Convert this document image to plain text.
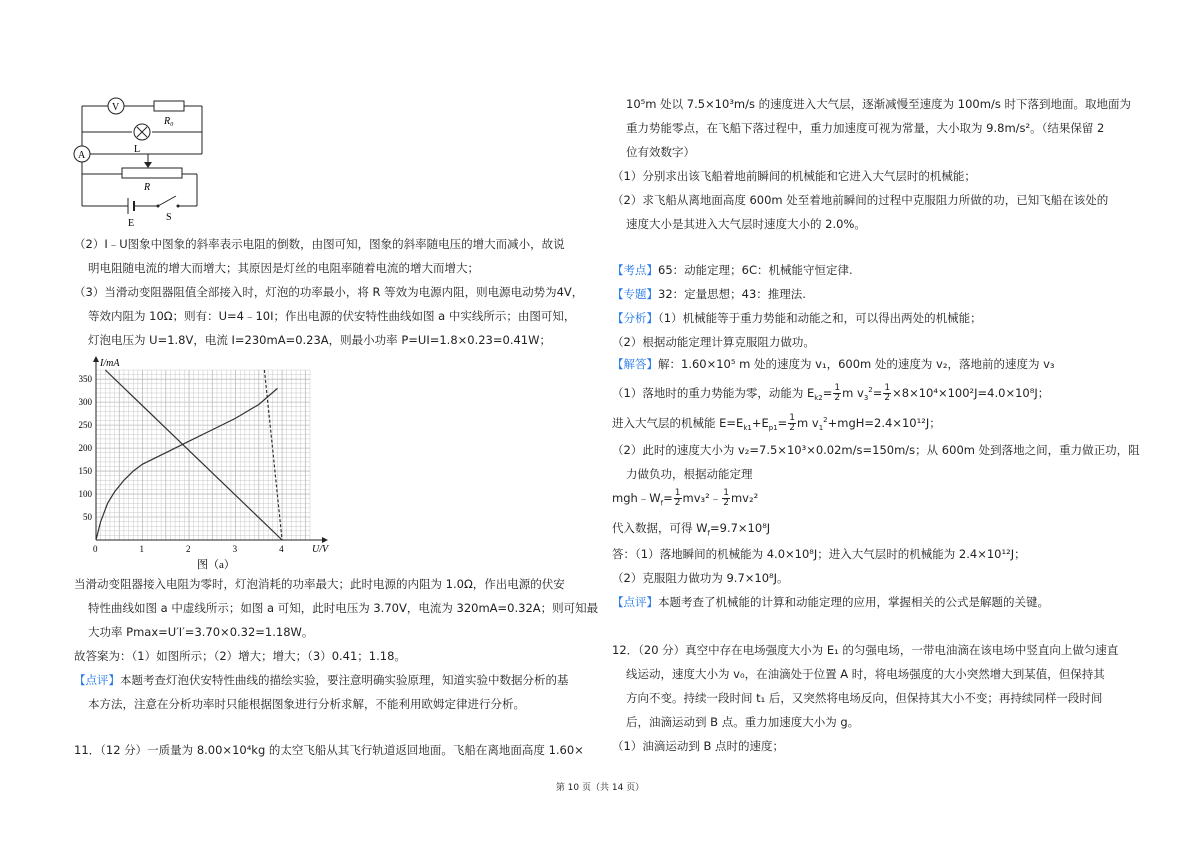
V
A
R₀
L
R
E
S
（2）I﹣U图象中图象的斜率表示电阻的倒数，由图可知，图象的斜率随电压的增大而减小，故说
明电阻随电流的增大而增大；其原因是灯丝的电阻率随着电流的增大而增大；
（3）当滑动变阻器阻值全部接入时，灯泡的功率最小，将 R 等效为电源内阻，则电源电动势为4V，
等效内阻为 10Ω；则有：U=4﹣10I；作出电源的伏安特性曲线如图 a 中实线所示；由图可知，
灯泡电压为 U=1.8V，电流 I=230mA=0.23A，则最小功率 P=UI=1.8×0.23=0.41W；
0	1	2	3	4
50
100
150
200
250
300
350
U/V
I/mA
图（a）
当滑动变阻器接入电阻为零时，灯泡消耗的功率最大；此时电源的内阻为 1.0Ω，作出电源的伏安
特性曲线如图 a 中虚线所示；如图 a 可知，此时电压为 3.70V，电流为 320mA=0.32A；则可知最
大功率 Pmax=U′I′=3.70×0.32=1.18W。
故答案为：（1）如图所示；（2）增大；增大；（3）0.41；1.18。
【点评】本题考查灯泡伏安特性曲线的描绘实验，要注意明确实验原理，知道实验中数据分析的基
本方法，注意在分析功率时只能根据图象进行分析求解，不能利用欧姆定律进行分析。
11．（12 分）一质量为 8.00×10⁴kg 的太空飞船从其飞行轨道返回地面。飞船在离地面高度 1.60×
10⁵m 处以 7.5×10³m/s 的速度进入大气层，逐渐减慢至速度为 100m/s 时下落到地面。取地面为
重力势能零点，在飞船下落过程中，重力加速度可视为常量，大小取为 9.8m/s²。（结果保留 2
位有效数字）
（1）分别求出该飞船着地前瞬间的机械能和它进入大气层时的机械能；
（2）求飞船从离地面高度 600m 处至着地前瞬间的过程中克服阻力所做的功，已知飞船在该处的
速度大小是其进入大气层时速度大小的 2.0%。
【考点】65：动能定理；6C：机械能守恒定律.
【专题】32：定量思想；43：推理法.
【分析】（1）机械能等于重力势能和动能之和，可以得出两处的机械能；
（2）根据动能定理计算克服阻力做功。
【解答】解：1.60×10⁵ m 处的速度为 v₁，600m 处的速度为 v₂，落地前的速度为 v₃
（1）落地时的重力势能为零，动能为 $E_{k2}= \frac{1}{2}$ m $v_3^2= \frac{1}{2} \times 8\times 10^4\times 100^2J=4.0\times 10^8J$；
进入大气层的机械能 $E=E_{k1}+E_{p1}= \frac{1}{2}$ m $v_1^2+mgH=2.4\times 10^{12}J$；
（2）此时的速度大小为 v₂=7.5×10³×0.02m/s=150m/s；从 600m 处到落地之间，重力做正功，阻
力做负功，根据动能定理
$mgh﹣W_f= \frac{1}{2}$ mv₃²﹣ $\frac{1}{2} mv_2^2$
代入数据，可得 $W_f=9.7\times 10^8J$
答：（1）落地瞬间的机械能为 4.0×10⁸J；进入大气层时的机械能为 2.4×10¹²J；
（2）克服阻力做功为 9.7×10⁸J。
【点评】本题考查了机械能的计算和动能定理的应用，掌握相关的公式是解题的关键。
12．（20 分）真空中存在电场强度大小为 E₁ 的匀强电场，一带电油滴在该电场中竖直向上做匀速直
线运动，速度大小为 v₀，在油滴处于位置 A 时，将电场强度的大小突然增大到某值，但保持其
方向不变。持续一段时间 t₁ 后，又突然将电场反向，但保持其大小不变；再持续同样一段时间
后，油滴运动到 B 点。重力加速度大小为 g。
（1）油滴运动到 B 点时的速度；
第 10 页（共 14 页）
